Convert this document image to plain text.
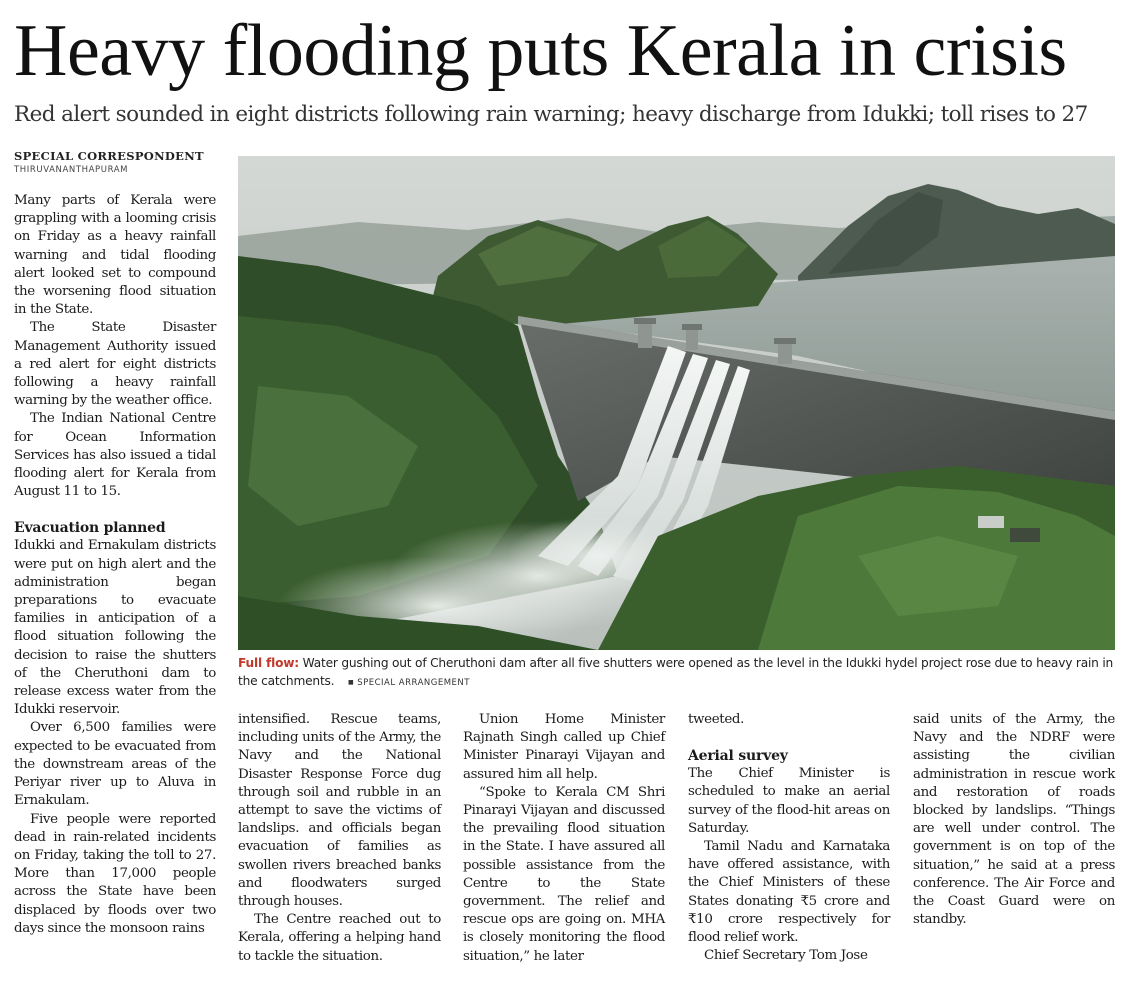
Heavy flooding puts Kerala in crisis
Red alert sounded in eight districts following rain warning; heavy discharge from Idukki; toll rises to 27
SPECIAL CORRESPONDENT
THIRUVANANTHAPURAM

Many parts of Kerala were grappling with a looming crisis on Friday as a heavy rainfall warning and tidal flooding alert looked set to compound the worsening flood situation in the State.

The State Disaster Management Authority issued a red alert for eight districts following a heavy rainfall warning by the weather office.

The Indian National Centre for Ocean Information Services has also issued a tidal flooding alert for Kerala from August 11 to 15.

Evacuation planned

Idukki and Ernakulam districts were put on high alert and the administration began preparations to evacuate families in anticipation of a flood situation following the decision to raise the shutters of the Cheruthoni dam to release excess water from the Idukki reservoir.

Over 6,500 families were expected to be evacuated from the downstream areas of the Periyar river up to Aluva in Ernakulam.

Five people were reported dead in rain-related incidents on Friday, taking the toll to 27. More than 17,000 people across the State have been displaced by floods over two days since the monsoon rains

Full flow: Water gushing out of Cheruthoni dam after all five shutters were opened as the level in the Idukki hydel project rose due to heavy rain in the catchments. ■	SPECIAL ARRANGEMENT

intensified. Rescue teams, including units of the Army, the Navy and the National Disaster Response Force dug through soil and rubble in an attempt to save the victims of landslips. and officials began evacuation of families as swollen rivers breached banks and floodwaters surged through houses.

The Centre reached out to Kerala, offering a helping hand to tackle the situation.

Union Home Minister Rajnath Singh called up Chief Minister Pinarayi Vijayan and assured him all help.

“Spoke to Kerala CM Shri Pinarayi Vijayan and discussed the prevailing flood situation in the State. I have assured all possible assistance from the Centre to the State government. The relief and rescue ops are going on. MHA is closely monitoring the flood situation,” he later

tweeted.

Aerial survey

The Chief Minister is scheduled to make an aerial survey of the flood-hit areas on Saturday.

Tamil Nadu and Karnataka have offered assistance, with the Chief Ministers of these States donating ₹5 crore and ₹10 crore respectively for flood relief work.

Chief Secretary Tom Jose

said units of the Army, the Navy and the NDRF were assisting the civilian administration in rescue work and restoration of roads blocked by landslips. “Things are well under control. The government is on top of the situation,” he said at a press conference. The Air Force and the Coast Guard were on standby.
